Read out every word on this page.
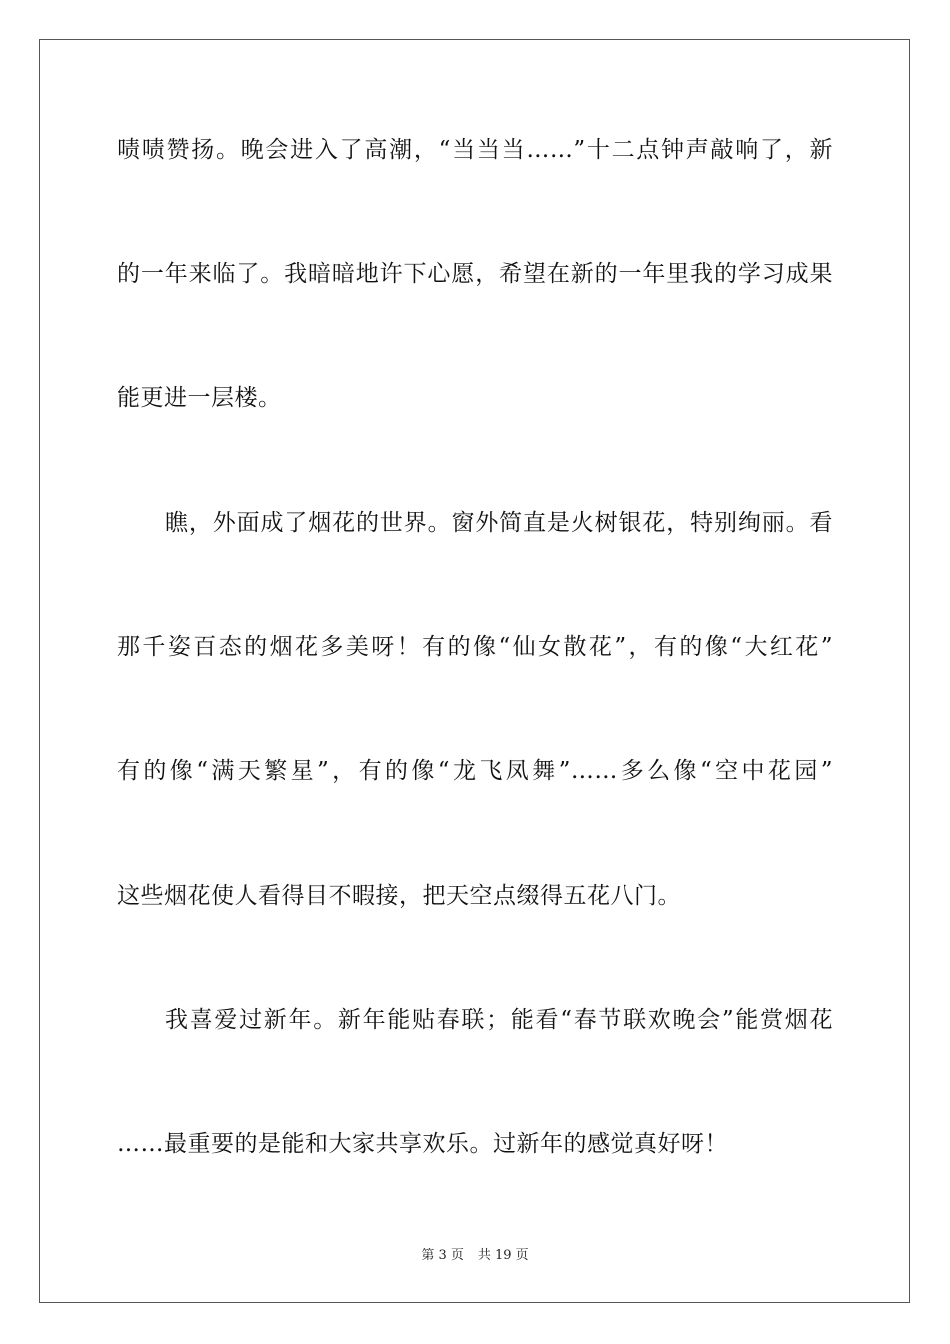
啧啧赞扬。晚会进入了高潮，“当当当……”十二点钟声敲响了，新
的一年来临了。我暗暗地许下心愿，希望在新的一年里我的学习成果
能更进一层楼。
瞧，外面成了烟花的世界。窗外简直是火树银花，特别绚丽。看
那千姿百态的烟花多美呀！有的像“仙女散花”，有的像“大红花”
有的像“满天繁星”，有的像“龙飞凤舞”……多么像“空中花园”
这些烟花使人看得目不暇接，把天空点缀得五花八门。
我喜爱过新年。新年能贴春联；能看“春节联欢晚会”能赏烟花
……最重要的是能和大家共享欢乐。过新年的感觉真好呀！
第 3 页 共 19 页
